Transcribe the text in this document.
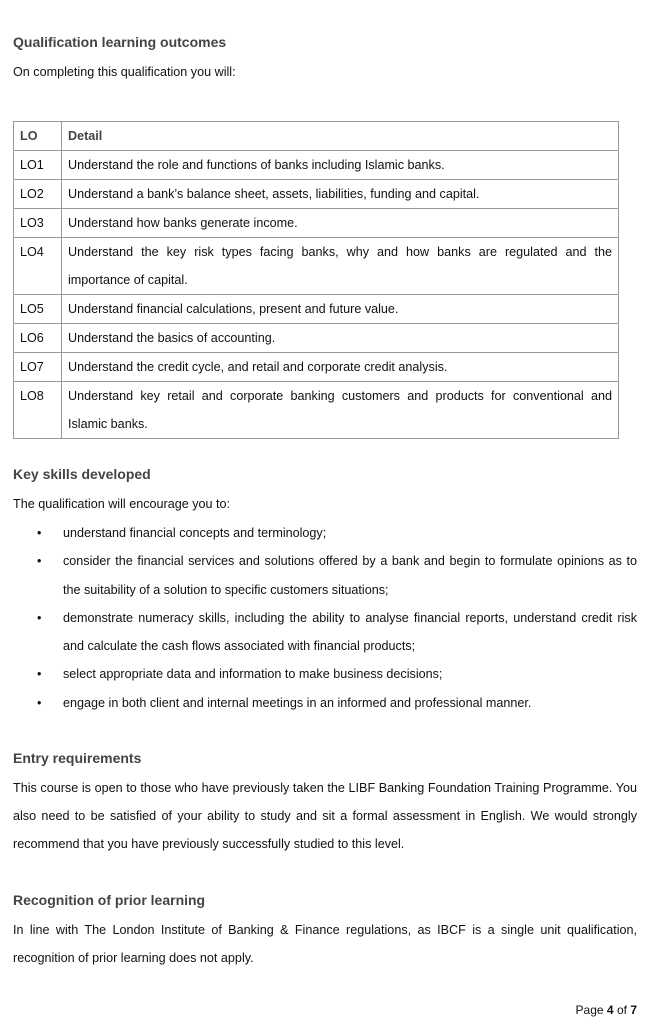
Qualification learning outcomes

On completing this qualification you will:

LO	Detail
LO1	Understand the role and functions of banks including Islamic banks.
LO2	Understand a bank’s balance sheet, assets, liabilities, funding and capital.
LO3	Understand how banks generate income.
LO4	Understand the key risk types facing banks, why and how banks are regulated and the importance of capital.
LO5	Understand financial calculations, present and future value.
LO6	Understand the basics of accounting.
LO7	Understand the credit cycle, and retail and corporate credit analysis.
LO8	Understand key retail and corporate banking customers and products for conventional and Islamic banks.
Key skills developed

The qualification will encourage you to:

• understand financial concepts and terminology;
• consider the financial services and solutions offered by a bank and begin to formulate opinions as to the suitability of a solution to specific customers situations;
• demonstrate numeracy skills, including the ability to analyse financial reports, understand credit risk and calculate the cash flows associated with financial products;
• select appropriate data and information to make business decisions;
• engage in both client and internal meetings in an informed and professional manner.
Entry requirements

This course is open to those who have previously taken the LIBF Banking Foundation Training Programme. You also need to be satisfied of your ability to study and sit a formal assessment in English. We would strongly recommend that you have previously successfully studied to this level.

Recognition of prior learning

In line with The London Institute of Banking & Finance regulations, as IBCF is a single unit qualification, recognition of prior learning does not apply.

Page 4 of 7
